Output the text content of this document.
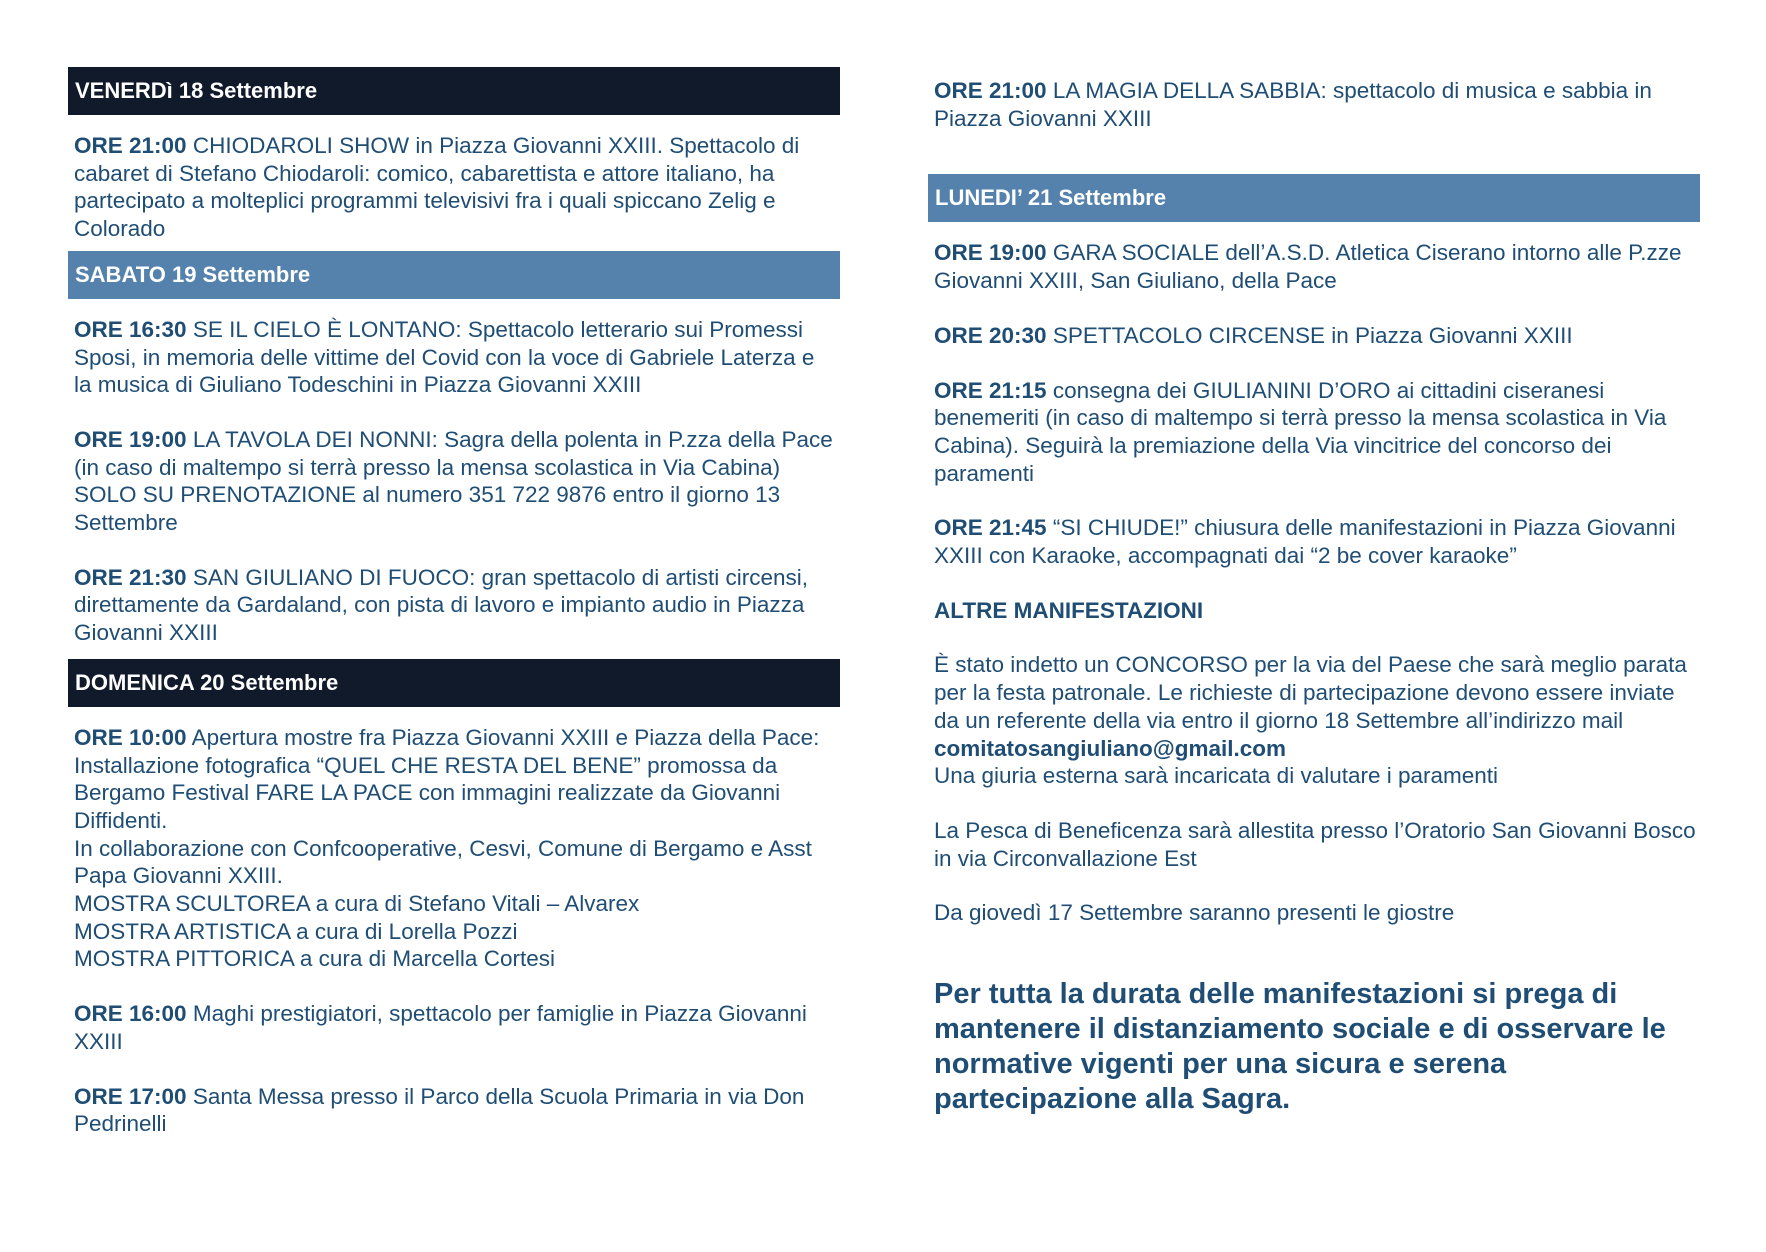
VENERDì 18 Settembre
ORE 21:00 CHIODAROLI SHOW in Piazza Giovanni XXIII. Spettacolo di cabaret di Stefano Chiodaroli: comico, cabarettista e attore italiano, ha partecipato a molteplici programmi televisivi fra i quali spiccano Zelig e Colorado
SABATO 19 Settembre
ORE 16:30 SE IL CIELO È LONTANO: Spettacolo letterario sui Promessi Sposi, in memoria delle vittime del Covid con la voce di Gabriele Laterza e la musica di Giuliano Todeschini in Piazza Giovanni XXIII
ORE 19:00 LA TAVOLA DEI NONNI: Sagra della polenta in P.zza della Pace (in caso di maltempo si terrà presso la mensa scolastica in Via Cabina) SOLO SU PRENOTAZIONE al numero 351 722 9876 entro il giorno 13 Settembre
ORE 21:30 SAN GIULIANO DI FUOCO: gran spettacolo di artisti circensi, direttamente da Gardaland, con pista di lavoro e impianto audio in Piazza Giovanni XXIII
DOMENICA 20 Settembre
ORE 10:00 Apertura mostre fra Piazza Giovanni XXIII e Piazza della Pace:
Installazione fotografica “QUEL CHE RESTA DEL BENE” promossa da Bergamo Festival FARE LA PACE con immagini realizzate da Giovanni Diffidenti.
In collaborazione con Confcooperative, Cesvi, Comune di Bergamo e Asst Papa Giovanni XXIII.
MOSTRA SCULTOREA a cura di Stefano Vitali – Alvarex
MOSTRA ARTISTICA a cura di Lorella Pozzi
MOSTRA PITTORICA a cura di Marcella Cortesi
ORE 16:00 Maghi prestigiatori, spettacolo per famiglie in Piazza Giovanni XXIII
ORE 17:00 Santa Messa presso il Parco della Scuola Primaria in via Don Pedrinelli
ORE 21:00 LA MAGIA DELLA SABBIA: spettacolo di musica e sabbia in Piazza Giovanni XXIII
LUNEDI’ 21 Settembre
ORE 19:00 GARA SOCIALE dell’A.S.D. Atletica Ciserano intorno alle P.zze Giovanni XXIII, San Giuliano, della Pace
ORE 20:30 SPETTACOLO CIRCENSE in Piazza Giovanni XXIII
ORE 21:15 consegna dei GIULIANINI D’ORO ai cittadini ciseranesi benemeriti (in caso di maltempo si terrà presso la mensa scolastica in Via Cabina). Seguirà la premiazione della Via vincitrice del concorso dei paramenti
ORE 21:45 “SI CHIUDE!” chiusura delle manifestazioni in Piazza Giovanni XXIII con Karaoke, accompagnati dai “2 be cover karaoke”
ALTRE MANIFESTAZIONI
È stato indetto un CONCORSO per la via del Paese che sarà meglio parata per la festa patronale. Le richieste di partecipazione devono essere inviate da un referente della via entro il giorno 18 Settembre all’indirizzo mail comitatosangiuliano@gmail.com
Una giuria esterna sarà incaricata di valutare i paramenti
La Pesca di Beneficenza sarà allestita presso l’Oratorio San Giovanni Bosco in via Circonvallazione Est
Da giovedì 17 Settembre saranno presenti le giostre
Per tutta la durata delle manifestazioni si prega di mantenere il distanziamento sociale e di osservare le normative vigenti per una sicura e serena partecipazione alla Sagra.
